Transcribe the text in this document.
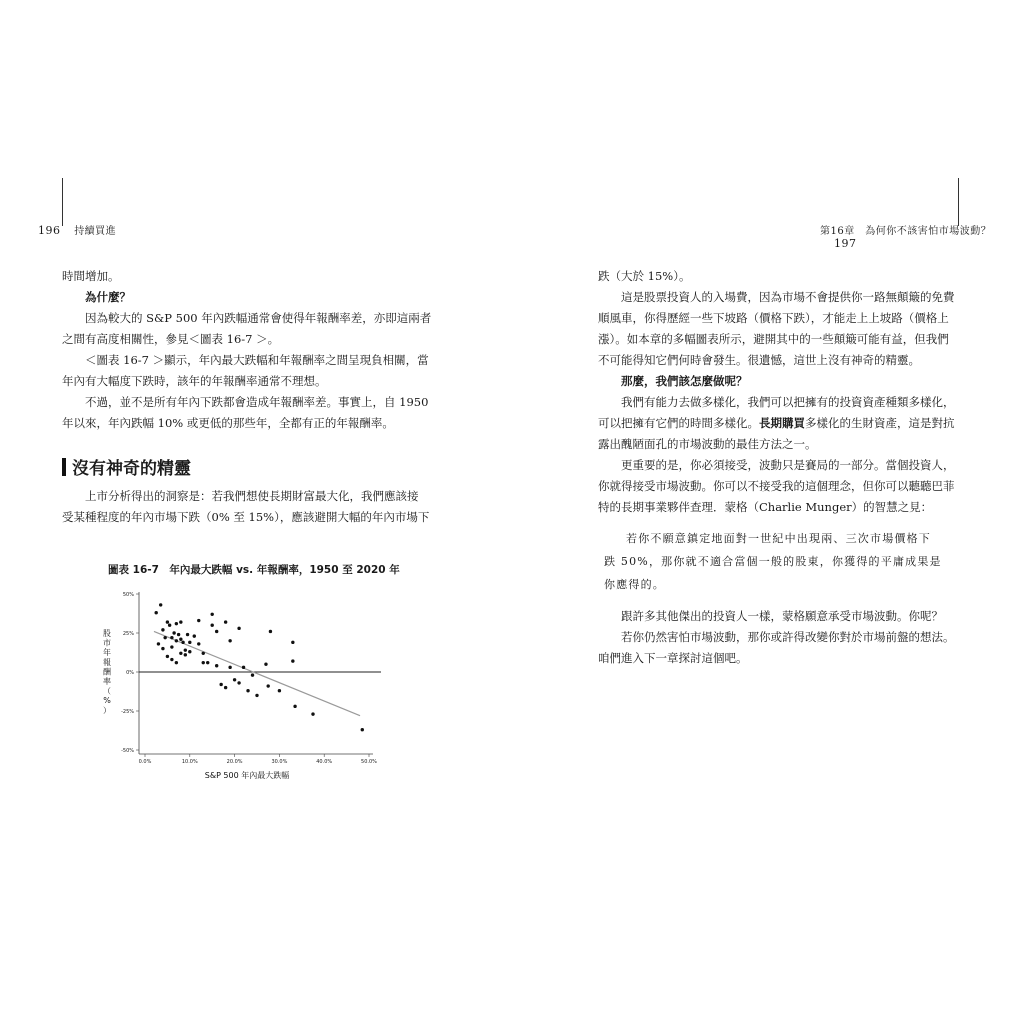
196 持續買進

時間增加。

為什麼？

因為較大的 S&P 500 年內跌幅通常會使得年報酬率差，亦即這兩者

之間有高度相關性，參見＜圖表 16-7 ＞。

＜圖表 16-7 ＞顯示，年內最大跌幅和年報酬率之間呈現負相關，當

年內有大幅度下跌時，該年的年報酬率通常不理想。

不過，並不是所有年內下跌都會造成年報酬率差。事實上，自 1950

年以來，年內跌幅 10% 或更低的那些年，全都有正的年報酬率。

沒有神奇的精靈

上市分析得出的洞察是：若我們想使長期財富最大化，我們應該接

受某種程度的年內市場下跌（0% 至 15%），應該避開大幅的年內市場下

圖表 16-7　年內最大跌幅 vs. 年報酬率，1950 至 2020 年
50%
25%
0%
-25%
-50%
0.0%	10.0%	20.0%	30.0%	40.0%	50.0%
S&P 500 年內最大跌幅
股
市
年
報
酬
率
（
%
）
第16章　為何你不該害怕市場波動？ 197

跌（大於 15%）。

這是股票投資人的入場費，因為市場不會提供你一路無顛簸的免費

順風車，你得歷經一些下坡路（價格下跌），才能走上上坡路（價格上

漲）。如本章的多幅圖表所示，避開其中的一些顛簸可能有益，但我們

不可能得知它們何時會發生。很遺憾，這世上沒有神奇的精靈。

那麼，我們該怎麼做呢？

我們有能力去做多樣化，我們可以把擁有的投資資產種類多樣化，

可以把擁有它們的時間多樣化。長期購買多樣化的生財資產，這是對抗

露出醜陋面孔的市場波動的最佳方法之一。

更重要的是，你必須接受，波動只是賽局的一部分。當個投資人，

你就得接受市場波動。你可以不接受我的這個理念，但你可以聽聽巴菲

特的長期事業夥伴查理．蒙格（Charlie Munger）的智慧之見：

若你不願意鎮定地面對一世紀中出現兩、三次市場價格下

跌 50%，那你就不適合當個一般的股東，你獲得的平庸成果是

你應得的。

跟許多其他傑出的投資人一樣，蒙格願意承受市場波動。你呢？

若你仍然害怕市場波動，那你或許得改變你對於市場前盤的想法。

咱們進入下一章探討這個吧。
